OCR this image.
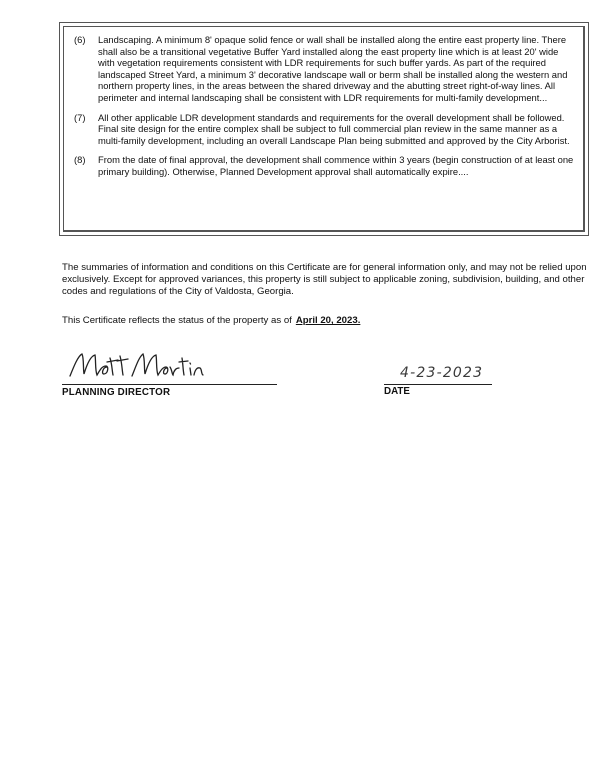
(6)	Landscaping. A minimum 8' opaque solid fence or wall shall be installed along the entire east property line. There shall also be a transitional vegetative Buffer Yard installed along the east property line which is at least 20' wide with vegetation requirements consistent with LDR requirements for such buffer yards. As part of the required landscaped Street Yard, a minimum 3' decorative landscape wall or berm shall be installed along the western and northern property lines, in the areas between the shared driveway and the abutting street right-of-way lines. All perimeter and internal landscaping shall be consistent with LDR requirements for multi-family development...
(7)	All other applicable LDR development standards and requirements for the overall development shall be followed. Final site design for the entire complex shall be subject to full commercial plan review in the same manner as a multi-family development, including an overall Landscape Plan being submitted and approved by the City Arborist.
(8)	From the date of final approval, the development shall commence within 3 years (begin construction of at least one primary building). Otherwise, Planned Development approval shall automatically expire....

The summaries of information and conditions on this Certificate are for general information only, and may not be relied upon exclusively. Except for approved variances, this property is still subject to applicable zoning, subdivision, building, and other codes and regulations of the City of Valdosta, Georgia.

This Certificate reflects the status of the property as of April 20, 2023.

PLANNING DIRECTOR
4-23-2023
DATE
